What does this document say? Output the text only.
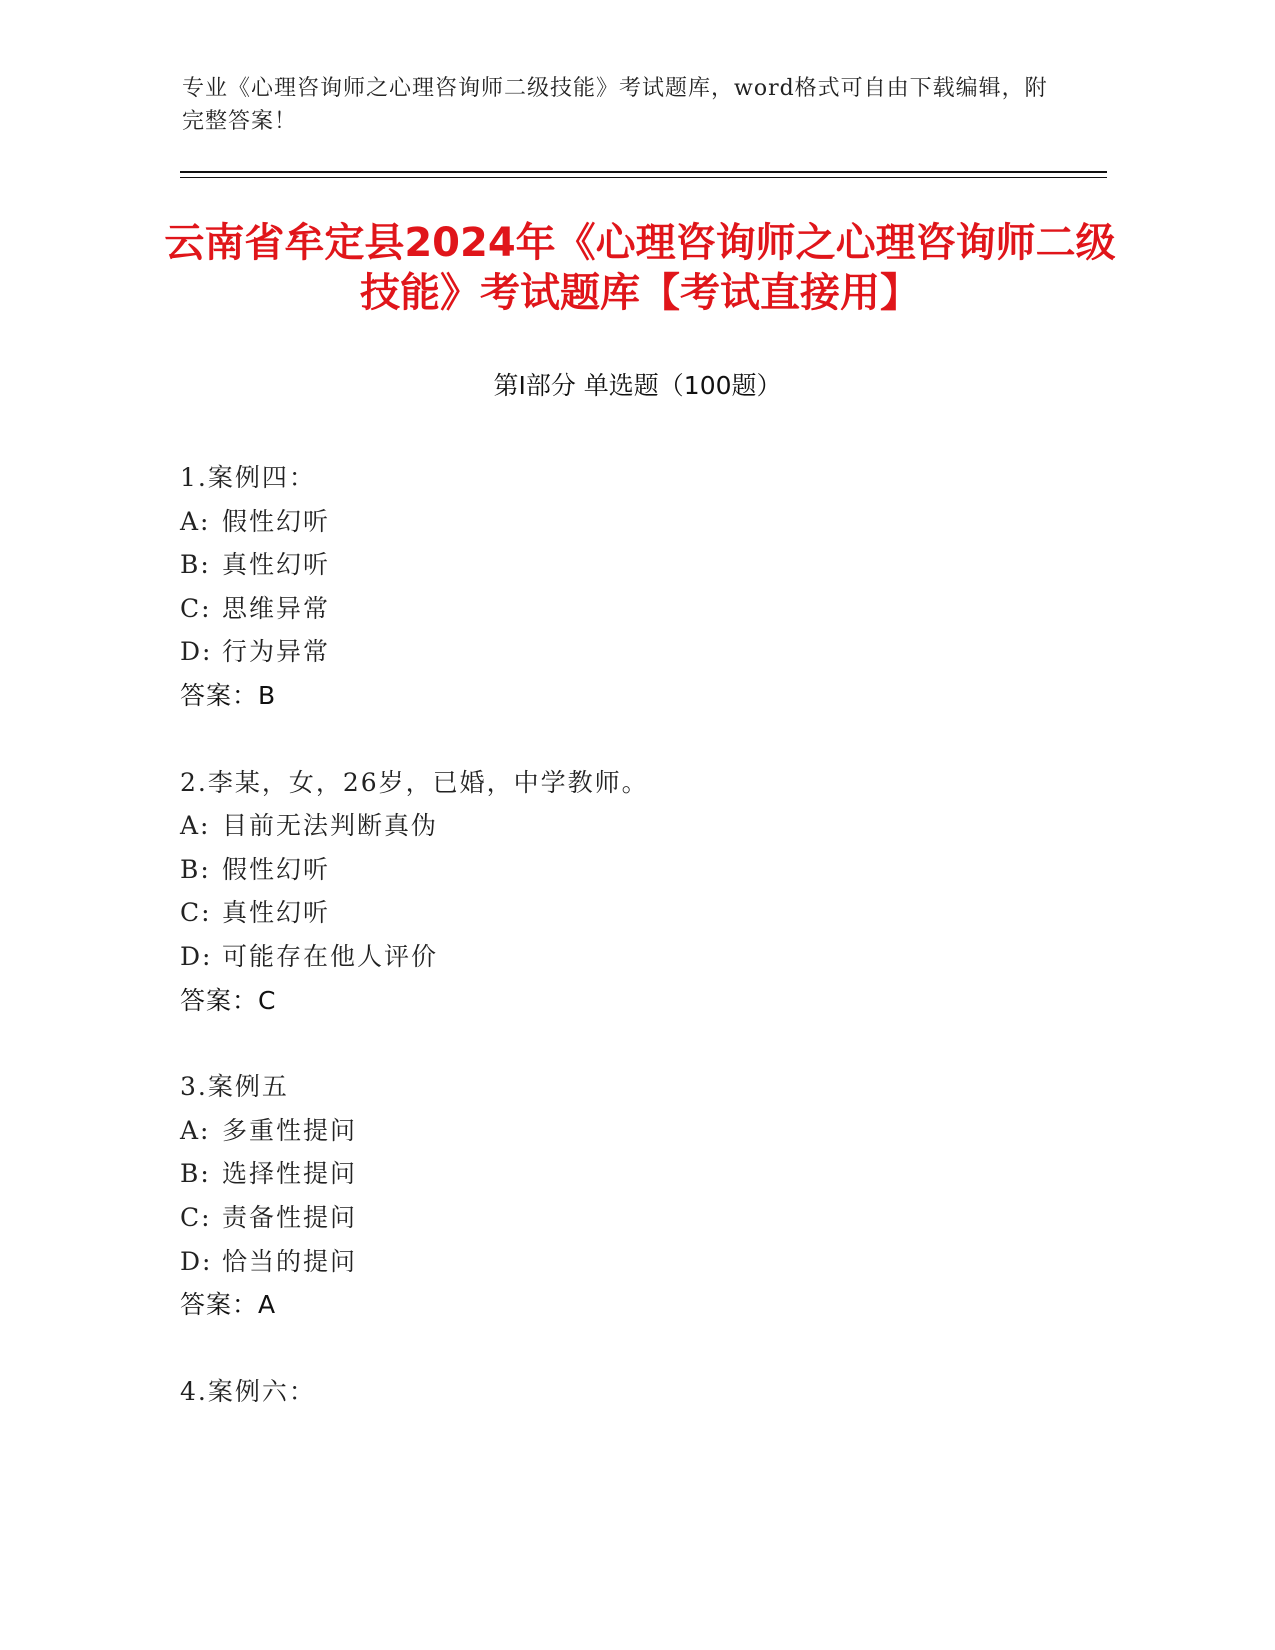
专业《心理咨询师之心理咨询师二级技能》考试题库，word格式可自由下载编辑，附完整答案！
云南省牟定县2024年《心理咨询师之心理咨询师二级技能》考试题库【考试直接用】
第I部分 单选题（100题）
1.案例四：
A: 假性幻听
B: 真性幻听
C: 思维异常
D: 行为异常
答案：B
2.李某，女，26岁，已婚，中学教师。
A: 目前无法判断真伪
B: 假性幻听
C: 真性幻听
D: 可能存在他人评价
答案：C
3.案例五
A: 多重性提问
B: 选择性提问
C: 责备性提问
D: 恰当的提问
答案：A
4.案例六：
